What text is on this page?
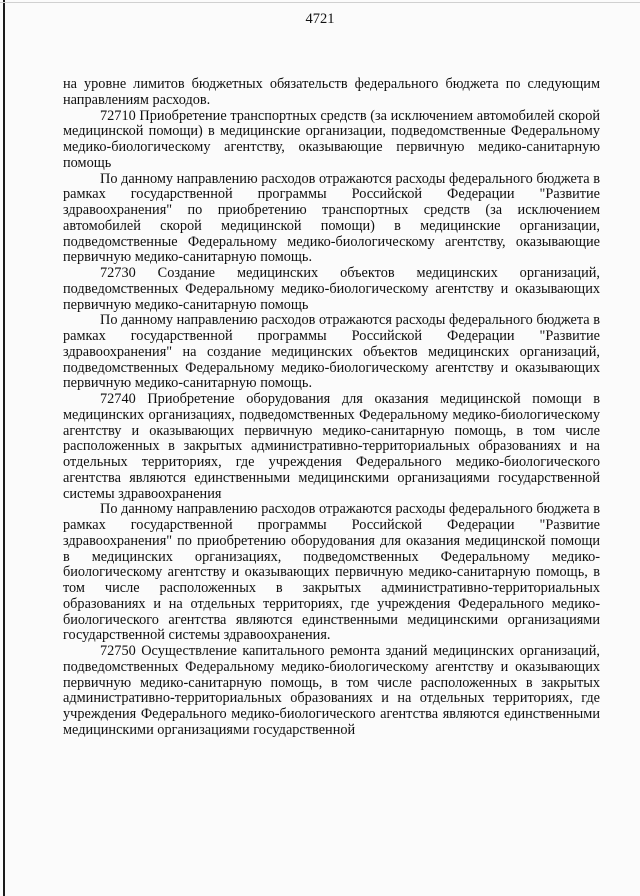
4721

на уровне лимитов бюджетных обязательств федерального бюджета по следующим направлениям расходов.

72710 Приобретение транспортных средств (за исключением автомобилей скорой медицинской помощи) в медицинские организации, подведомственные Федеральному медико-биологическому агентству, оказывающие первичную медико-санитарную помощь

По данному направлению расходов отражаются расходы федерального бюджета в рамках государственной программы Российской Федерации "Развитие здравоохранения" по приобретению транспортных средств (за исключением автомобилей скорой медицинской помощи) в медицинские организации, подведомственные Федеральному медико-биологическому агентству, оказывающие первичную медико-санитарную помощь.

72730 Создание медицинских объектов медицинских организаций, подведомственных Федеральному медико-биологическому агентству и оказывающих первичную медико-санитарную помощь

По данному направлению расходов отражаются расходы федерального бюджета в рамках государственной программы Российской Федерации "Развитие здравоохранения" на создание медицинских объектов медицинских организаций, подведомственных Федеральному медико-биологическому агентству и оказывающих первичную медико-санитарную помощь.

72740 Приобретение оборудования для оказания медицинской помощи в медицинских организациях, подведомственных Федеральному медико-биологическому агентству и оказывающих первичную медико-санитарную помощь, в том числе расположенных в закрытых административно-территориальных образованиях и на отдельных территориях, где учреждения Федерального медико-биологического агентства являются единственными медицинскими организациями государственной системы здравоохранения

По данному направлению расходов отражаются расходы федерального бюджета в рамках государственной программы Российской Федерации "Развитие здравоохранения" по приобретению оборудования для оказания медицинской помощи в медицинских организациях, подведомственных Федеральному медико-биологическому агентству и оказывающих первичную медико-санитарную помощь, в том числе расположенных в закрытых административно-территориальных образованиях и на отдельных территориях, где учреждения Федерального медико-биологического агентства являются единственными медицинскими организациями государственной системы здравоохранения.

72750 Осуществление капитального ремонта зданий медицинских организаций, подведомственных Федеральному медико-биологическому агентству и оказывающих первичную медико-санитарную помощь, в том числе расположенных в закрытых административно-территориальных образованиях и на отдельных территориях, где учреждения Федерального медико-биологического агентства являются единственными медицинскими организациями государственной
